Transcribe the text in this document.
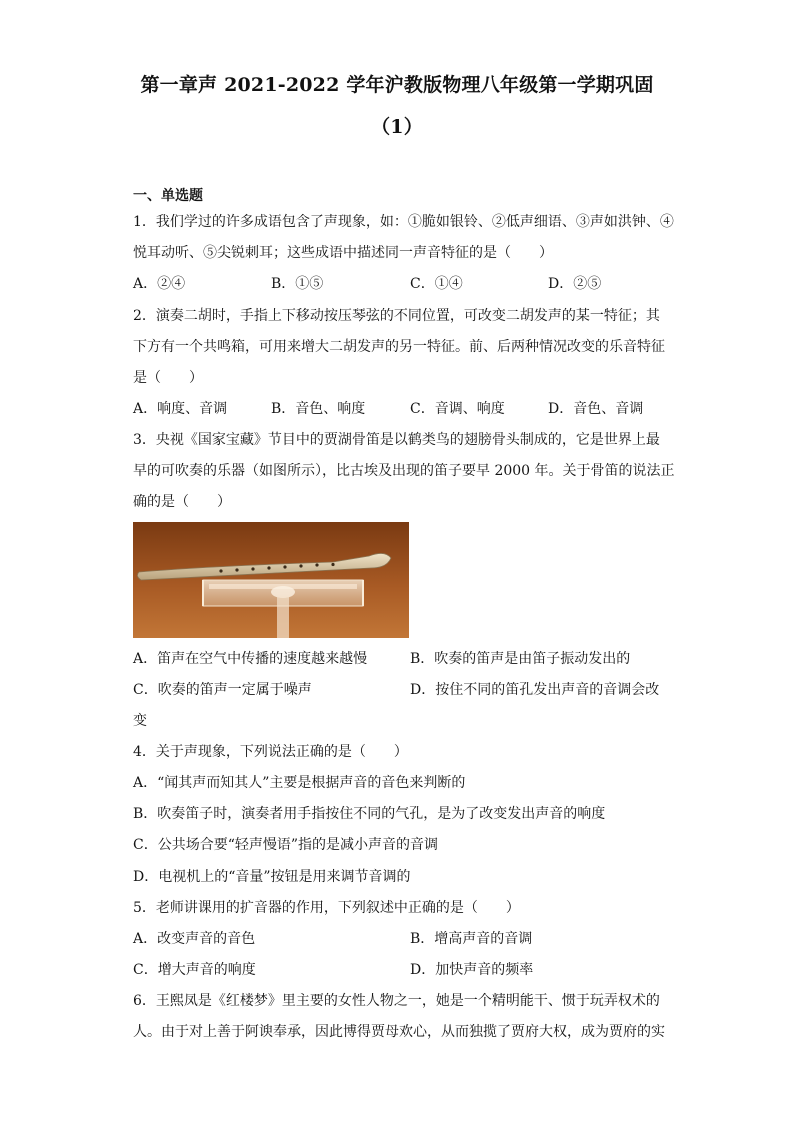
第一章声 2021-2022 学年沪教版物理八年级第一学期巩固
（1）
一、单选题
1．我们学过的许多成语包含了声现象，如：①脆如银铃、②低声细语、③声如洪钟、④
悦耳动听、⑤尖锐刺耳；这些成语中描述同一声音特征的是（　　）
A．②④	B．①⑤	C．①④	D．②⑤
2．演奏二胡时，手指上下移动按压琴弦的不同位置，可改变二胡发声的某一特征；其
下方有一个共鸣箱，可用来增大二胡发声的另一特征。前、后两种情况改变的乐音特征
是（　　）
A．响度、音调	B．音色、响度	C．音调、响度	D．音色、音调
3．央视《国家宝藏》节目中的贾湖骨笛是以鹤类鸟的翅膀骨头制成的，它是世界上最
早的可吹奏的乐器（如图所示），比古埃及出现的笛子要早 2000 年。关于骨笛的说法正
确的是（　　）
A．笛声在空气中传播的速度越来越慢	B．吹奏的笛声是由笛子振动发出的
C．吹奏的笛声一定属于噪声	D．按住不同的笛孔发出声音的音调会改
变
4．关于声现象，下列说法正确的是（　　）
A．“闻其声而知其人”主要是根据声音的音色来判断的
B．吹奏笛子时，演奏者用手指按住不同的气孔，是为了改变发出声音的响度
C．公共场合要“轻声慢语”指的是减小声音的音调
D．电视机上的“音量”按钮是用来调节音调的
5．老师讲课用的扩音器的作用，下列叙述中正确的是（　　）
A．改变声音的音色	B．增高声音的音调
C．增大声音的响度	D．加快声音的频率
6．王熙凤是《红楼梦》里主要的女性人物之一，她是一个精明能干、惯于玩弄权术的
人。由于对上善于阿谀奉承，因此博得贾母欢心，从而独揽了贾府大权，成为贾府的实
